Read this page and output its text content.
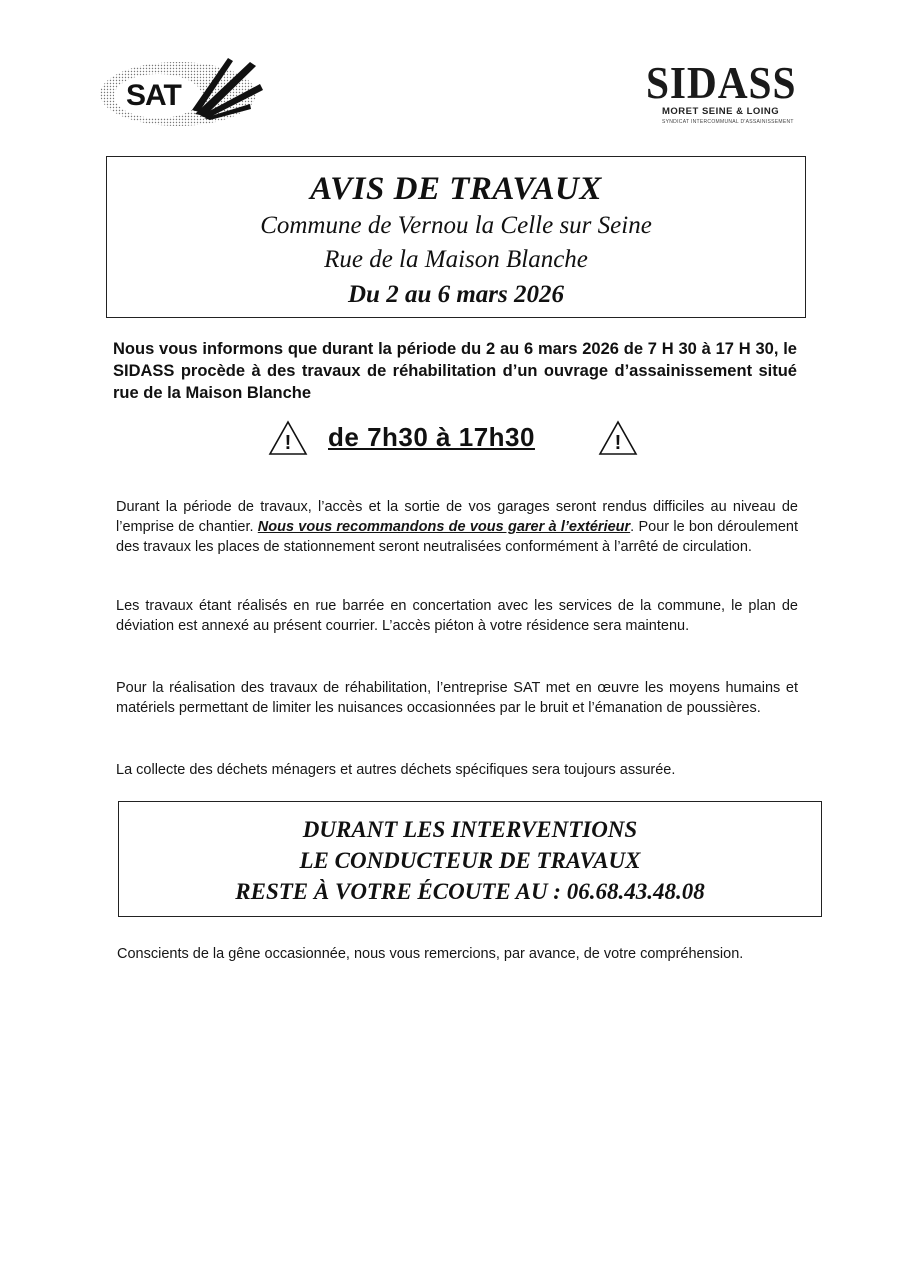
SAT	SIDASS
MORET SEINE & LOING
SYNDICAT INTERCOMMUNAL D'ASSAINISSEMENT
AVIS DE TRAVAUX
Commune de Vernou la Celle sur Seine
Rue de la Maison Blanche
Du 2 au 6 mars 2026
Nous vous informons que durant la période du 2 au 6 mars 2026 de 7 H 30 à 17 H 30, le SIDASS procède à des travaux de réhabilitation d’un ouvrage d’assainissement situé rue de la Maison Blanche
! de 7h30 à 17h30	!
Durant la période de travaux, l’accès et la sortie de vos garages seront rendus difficiles au niveau de l’emprise de chantier. Nous vous recommandons de vous garer à l’extérieur. Pour le bon déroulement des travaux les places de stationnement seront neutralisées conformément à l’arrêté de circulation.
Les travaux étant réalisés en rue barrée en concertation avec les services de la commune, le plan de déviation est annexé au présent courrier. L’accès piéton à votre résidence sera maintenu.
Pour la réalisation des travaux de réhabilitation, l’entreprise SAT met en œuvre les moyens humains et matériels permettant de limiter les nuisances occasionnées par le bruit et l’émanation de poussières.
La collecte des déchets ménagers et autres déchets spécifiques sera toujours assurée.
DURANT LES INTERVENTIONS
LE CONDUCTEUR DE TRAVAUX
RESTE À VOTRE ÉCOUTE AU : 06.68.43.48.08
Conscients de la gêne occasionnée, nous vous remercions, par avance, de votre compréhension.
